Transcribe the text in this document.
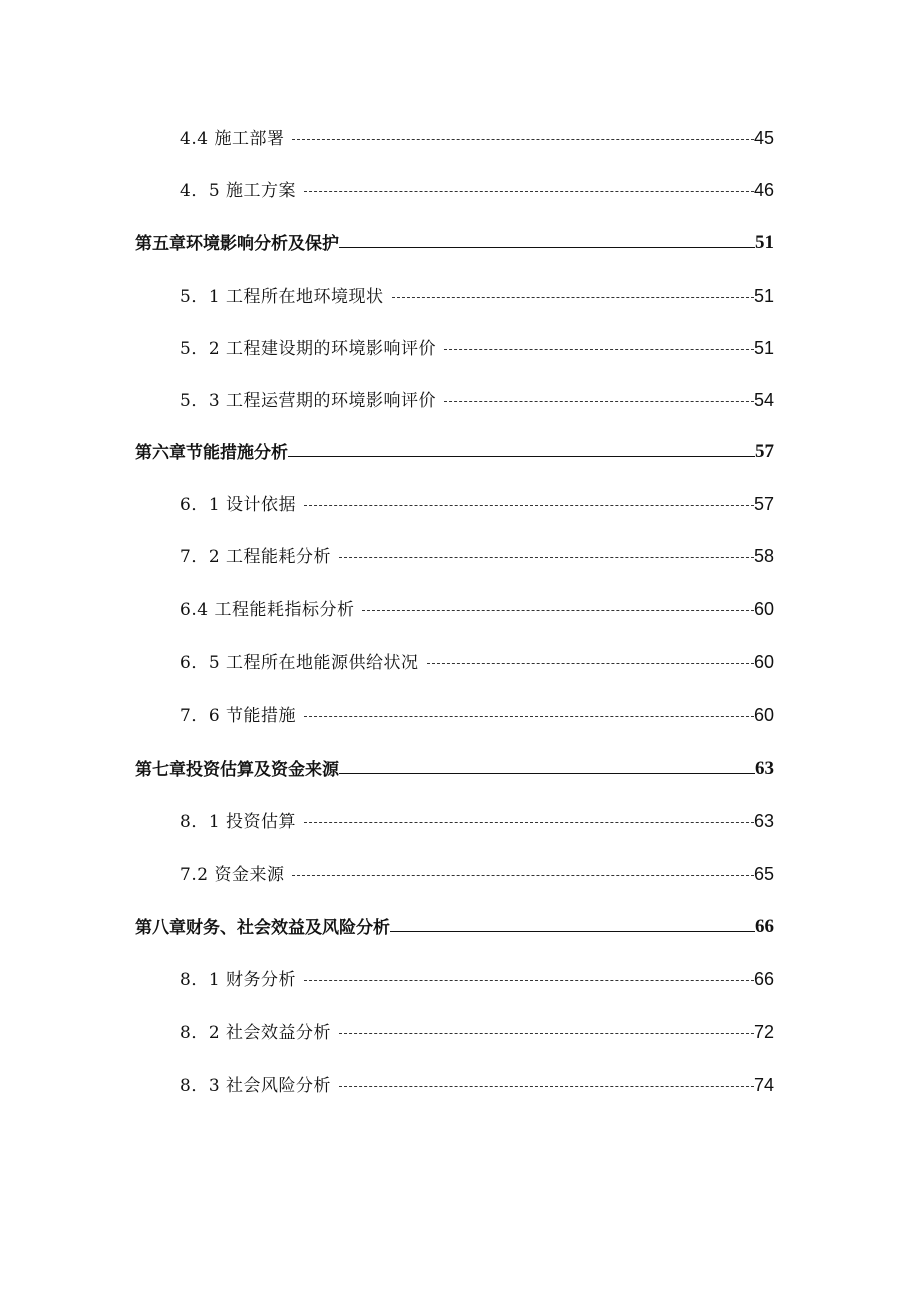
4.4 施工部署	45
4．5 施工方案	46
第五章环境影响分析及保护	51
5．1 工程所在地环境现状	51
5．2 工程建设期的环境影响评价	51
5．3 工程运营期的环境影响评价	54
第六章节能措施分析	57
6．1 设计依据	57
7．2 工程能耗分析	58
6.4 工程能耗指标分析	60
6．5 工程所在地能源供给状况	60
7．6 节能措施	60
第七章投资估算及资金来源	63
8．1 投资估算	63
7.2 资金来源	65
第八章财务、社会效益及风险分析	66
8．1 财务分析	66
8．2 社会效益分析	72
8．3 社会风险分析	74
